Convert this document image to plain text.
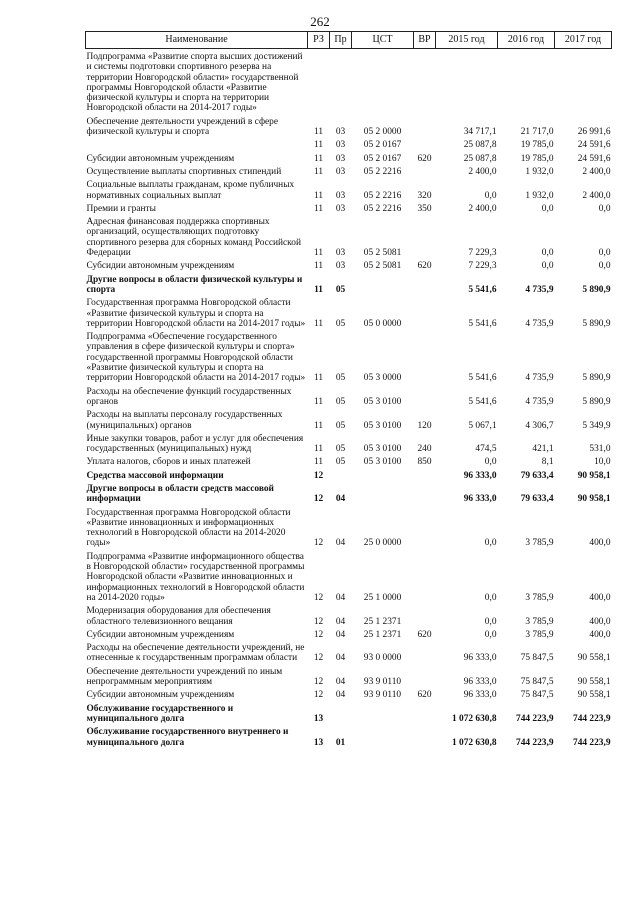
262
Наименование	РЗ	Пр	ЦСТ	ВР	2015 год	2016 год	2017 год
Подпрограмма «Развитие спорта высших достижений и системы подготовки спортивного резерва на территории Новгородской области» государственной программы Новгородской области «Развитие физической культуры и спорта на территории Новгородской области на 2014-2017 годы»							
Обеспечение деятельности учреждений в сфере физической культуры и спорта	11	03	05 2 0000		34 717,1	21 717,0	26 991,6
	11	03	05 2 0167		25 087,8	19 785,0	24 591,6
Субсидии автономным учреждениям	11	03	05 2 0167	620	25 087,8	19 785,0	24 591,6
Осуществление выплаты спортивных стипендий	11	03	05 2 2216		2 400,0	1 932,0	2 400,0
Социальные выплаты гражданам, кроме публичных нормативных социальных выплат	11	03	05 2 2216	320	0,0	1 932,0	2 400,0
Премии и гранты	11	03	05 2 2216	350	2 400,0	0,0	0,0
Адресная финансовая поддержка спортивных организаций, осуществляющих подготовку спортивного резерва для сборных команд Российской Федерации	11	03	05 2 5081		7 229,3	0,0	0,0
Субсидии автономным учреждениям	11	03	05 2 5081	620	7 229,3	0,0	0,0
Другие вопросы в области физической культуры и спорта	11	05			5 541,6	4 735,9	5 890,9
Государственная программа Новгородской области «Развитие физической культуры и спорта на территории Новгородской области на 2014-2017 годы»	11	05	05 0 0000		5 541,6	4 735,9	5 890,9
Подпрограмма «Обеспечение государственного управления в сфере физической культуры и спорта» государственной программы Новгородской области «Развитие физической культуры и спорта на территории Новгородской области на 2014-2017 годы»	11	05	05 3 0000		5 541,6	4 735,9	5 890,9
Расходы на обеспечение функций государственных органов	11	05	05 3 0100		5 541,6	4 735,9	5 890,9
Расходы на выплаты персоналу государственных (муниципальных) органов	11	05	05 3 0100	120	5 067,1	4 306,7	5 349,9
Иные закупки товаров, работ и услуг для обеспечения государственных (муниципальных) нужд	11	05	05 3 0100	240	474,5	421,1	531,0
Уплата налогов, сборов и иных платежей	11	05	05 3 0100	850	0,0	8,1	10,0
Средства массовой информации	12				96 333,0	79 633,4	90 958,1
Другие вопросы в области средств массовой информации	12	04			96 333,0	79 633,4	90 958,1
Государственная программа Новгородской области «Развитие инновационных и информационных технологий в Новгородской области на 2014-2020 годы»	12	04	25 0 0000		0,0	3 785,9	400,0
Подпрограмма «Развитие информационного общества в Новгородской области» государственной программы Новгородской области «Развитие инновационных и информационных технологий в Новгородской области на 2014-2020 годы»	12	04	25 1 0000		0,0	3 785,9	400,0
Модернизация оборудования для обеспечения областного телевизионного вещания	12	04	25 1 2371		0,0	3 785,9	400,0
Субсидии автономным учреждениям	12	04	25 1 2371	620	0,0	3 785,9	400,0
Расходы на обеспечение деятельности учреждений, не отнесенные к государственным программам области	12	04	93 0 0000		96 333,0	75 847,5	90 558,1
Обеспечение деятельности учреждений по иным непрограммным мероприятиям	12	04	93 9 0110		96 333,0	75 847,5	90 558,1
Субсидии автономным учреждениям	12	04	93 9 0110	620	96 333,0	75 847,5	90 558,1
Обслуживание государственного и муниципального долга	13				1 072 630,8	744 223,9	744 223,9
Обслуживание государственного внутреннего и муниципального долга	13	01			1 072 630,8	744 223,9	744 223,9
